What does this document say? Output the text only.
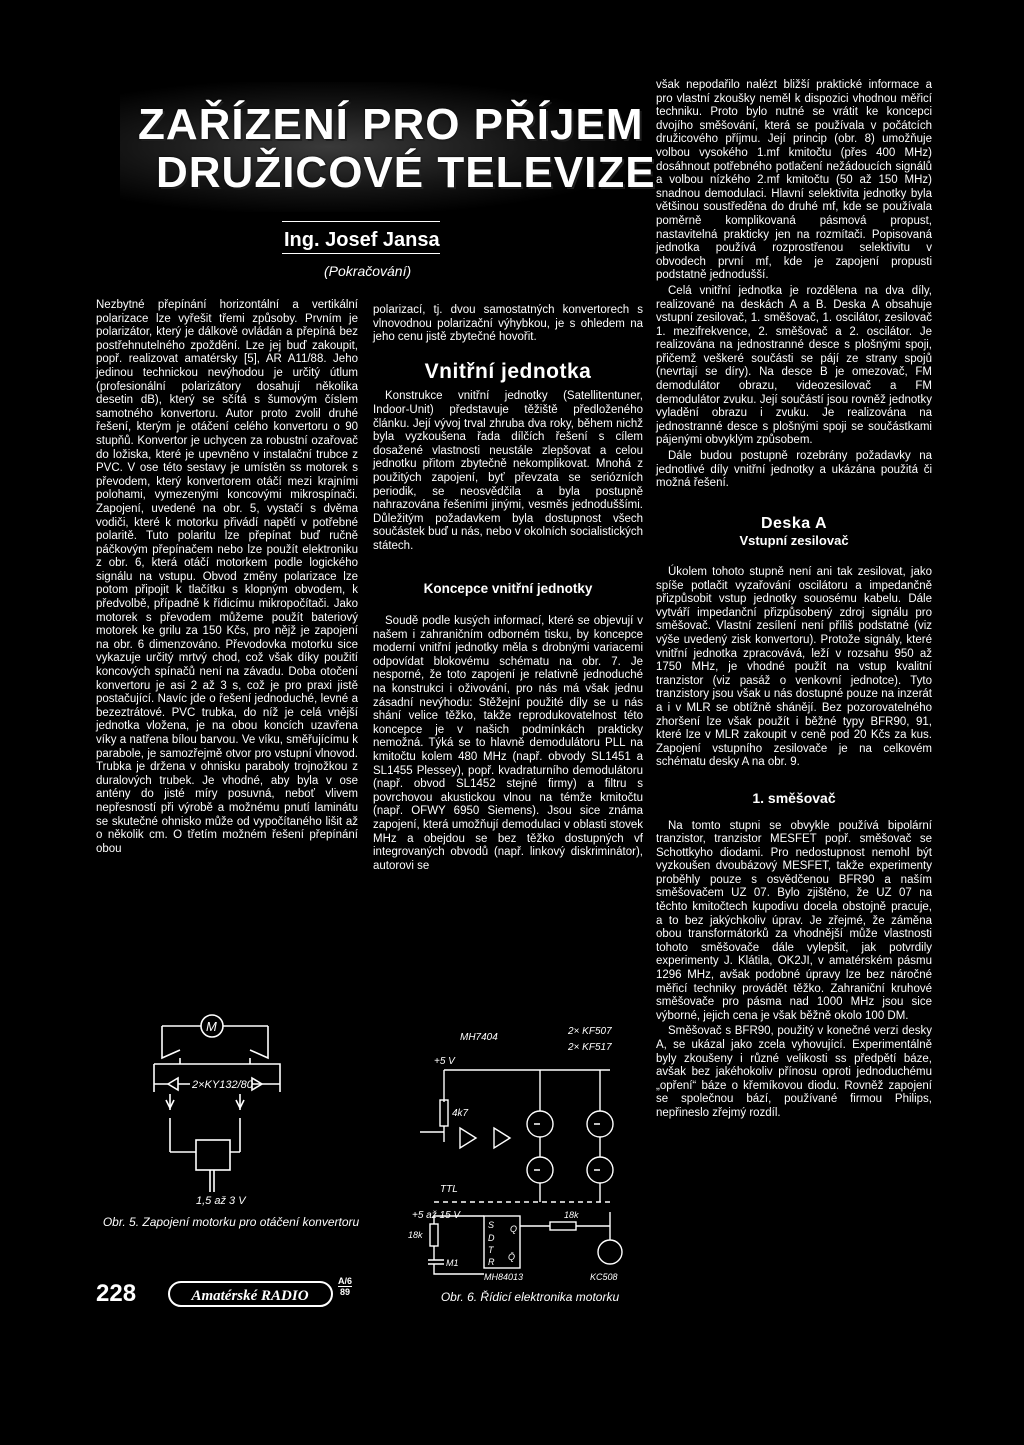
ZAŘÍZENÍ PRO PŘÍJEM
DRUŽICOVÉ TELEVIZE
Ing. Josef Jansa
(Pokračování)

Nezbytné přepínání horizontální a vertikální polarizace lze vyřešit třemi způsoby. Prvním je polarizátor, který je dálkově ovládán a přepíná bez postřehnutelného zpoždění. Lze jej buď zakoupit, popř. realizovat amatérsky [5], AR A11/88. Jeho jedinou technickou nevýhodou je určitý útlum (profesionální polarizátory dosahují několika desetin dB), který se sčítá s šumovým číslem samotného konvertoru. Autor proto zvolil druhé řešení, kterým je otáčení celého konvertoru o 90 stupňů. Konvertor je uchycen za robustní ozařovač do ložiska, které je upevněno v instalační trubce z PVC. V ose této sestavy je umístěn ss motorek s převodem, který konvertorem otáčí mezi krajními polohami, vymezenými koncovými mikrospínači. Zapojení, uvedené na obr. 5, vystačí s dvěma vodiči, které k motorku přivádí napětí v potřebné polaritě. Tuto polaritu lze přepínat buď ručně páčkovým přepínačem nebo lze použít elektroniku z obr. 6, která otáčí motorkem podle logického signálu na vstupu. Obvod změny polarizace lze potom připojit k tlačítku s klopným obvodem, k předvolbě, případně k řídicímu mikropočítači. Jako motorek s převodem můžeme použít bateriový motorek ke grilu za 150 Kčs, pro nějž je zapojení na obr. 6 dimenzováno. Převodovka motorku sice vykazuje určitý mrtvý chod, což však díky použití koncových spínačů není na závadu. Doba otočení konvertoru je asi 2 až 3 s, což je pro praxi jistě postačující. Navíc jde o řešení jednoduché, levné a bezeztrátové. PVC trubka, do níž je celá vnější jednotka vložena, je na obou koncích uzavřena víky a natřena bílou barvou. Ve víku, směřujícímu k parabole, je samozřejmě otvor pro vstupní vlnovod. Trubka je držena v ohnisku paraboly trojnožkou z duralových trubek. Je vhodné, aby byla v ose antény do jisté míry posuvná, neboť vlivem nepřesností při výrobě a možnému pnutí laminátu se skutečné ohnisko může od vypočítaného lišit až o několik cm. O třetím možném řešení přepínání obou

polarizací, tj. dvou samostatných konvertorech s vlnovodnou polarizační výhybkou, je s ohledem na jeho cenu jistě zbytečné hovořit.

Vnitřní jednotka

Konstrukce vnitřní jednotky (Satellitentuner, Indoor-Unit) představuje těžiště předloženého článku. Její vývoj trval zhruba dva roky, během nichž byla vyzkoušena řada dílčích řešení s cílem dosažené vlastnosti neustále zlepšovat a celou jednotku přitom zbytečně nekomplikovat. Mnohá z použitých zapojení, byť převzata se seriózních periodik, se neosvědčila a byla postupně nahrazována řešeními jinými, vesměs jednoduššími. Důležitým požadavkem byla dostupnost všech součástek buď u nás, nebo v okolních socialistických státech.

Koncepce vnitřní jednotky

Soudě podle kusých informací, které se objevují v našem i zahraničním odborném tisku, by koncepce moderní vnitřní jednotky měla s drobnými variacemi odpovídat blokovému schématu na obr. 7. Je nesporné, že toto zapojení je relativně jednoduché na konstrukci i oživování, pro nás má však jednu zásadní nevýhodu: Stěžejní použité díly se u nás shání velice těžko, takže reprodukovatelnost této koncepce je v našich podmínkách prakticky nemožná. Týká se to hlavně demodulátoru PLL na kmitočtu kolem 480 MHz (např. obvody SL1451 a SL1455 Plessey), popř. kvadraturního demodulátoru (např. obvod SL1452 stejné firmy) a filtru s povrchovou akustickou vlnou na témže kmitočtu (např. OFWY 6950 Siemens). Jsou sice známa zapojení, která umožňují demodulaci v oblasti stovek MHz a obejdou se bez těžko dostupných vf integrovaných obvodů (např. linkový diskriminátor), autorovi se

však nepodařilo nalézt bližší praktické informace a pro vlastní zkoušky neměl k dispozici vhodnou měřicí techniku. Proto bylo nutné se vrátit ke koncepci dvojího směšování, která se používala v počátcích družicového příjmu. Její princip (obr. 8) umožňuje volbou vysokého 1.mf kmitočtu (přes 400 MHz) dosáhnout potřebného potlačení nežádoucích signálů a volbou nízkého 2.mf kmitočtu (50 až 150 MHz) snadnou demodulaci. Hlavní selektivita jednotky byla většinou soustředěna do druhé mf, kde se používala poměrně komplikovaná pásmová propust, nastavitelná prakticky jen na rozmítači. Popisovaná jednotka používá rozprostřenou selektivitu v obvodech první mf, kde je zapojení propusti podstatně jednodušší.

Celá vnitřní jednotka je rozdělena na dva díly, realizované na deskách A a B. Deska A obsahuje vstupní zesilovač, 1. směšovač, 1. oscilátor, zesilovač 1. mezifrekvence, 2. směšovač a 2. oscilátor. Je realizována na jednostranné desce s plošnými spoji, přičemž veškeré součásti se pájí ze strany spojů (nevrtají se díry). Na desce B je omezovač, FM demodulátor obrazu, videozesilovač a FM demodulátor zvuku. Její součástí jsou rovněž jednotky vyladění obrazu i zvuku. Je realizována na jednostranné desce s plošnými spoji se součástkami pájenými obvyklým způsobem.

Dále budou postupně rozebrány požadavky na jednotlivé díly vnitřní jednotky a ukázána použitá či možná řešení.

Deska A
Vstupní zesilovač

Úkolem tohoto stupně není ani tak zesilovat, jako spíše potlačit vyzařování oscilátoru a impedančně přizpůsobit vstup jednotky souosému kabelu. Dále vytváří impedanční přizpůsobený zdroj signálu pro směšovač. Vlastní zesílení není příliš podstatné (viz výše uvedený zisk konvertoru). Protože signály, které vnitřní jednotka zpracovává, leží v rozsahu 950 až 1750 MHz, je vhodné použít na vstup kvalitní tranzistor (viz pasáž o venkovní jednotce). Tyto tranzistory jsou však u nás dostupné pouze na inzerát a i v MLR se obtížně shánějí. Bez pozorovatelného zhoršení lze však použít i běžné typy BFR90, 91, které lze v MLR zakoupit v ceně pod 20 Kčs za kus. Zapojení vstupního zesilovače je na celkovém schématu desky A na obr. 9.

1. směšovač

Na tomto stupni se obvykle používá bipolární tranzistor, tranzistor MESFET popř. směšovač se Schottkyho diodami. Pro nedostupnost nemohl být vyzkoušen dvoubázový MESFET, takže experimenty proběhly pouze s osvědčenou BFR90 a naším směšovačem UZ 07. Bylo zjištěno, že UZ 07 na těchto kmitočtech kupodivu docela obstojně pracuje, a to bez jakýchkoliv úprav. Je zřejmé, že záměna obou transformátorků za vhodnější může vlastnosti tohoto směšovače dále vylepšit, jak potvrdily experimenty J. Klátila, OK2JI, v amatérském pásmu 1296 MHz, avšak podobné úpravy lze bez náročné měřicí techniky provádět těžko. Zahraniční kruhové směšovače pro pásma nad 1000 MHz jsou sice výborné, jejich cena je však běžně okolo 100 DM.

Směšovač s BFR90, použitý v konečné verzi desky A, se ukázal jako zcela vyhovující. Experimentálně byly zkoušeny i různé velikosti ss předpětí báze, avšak bez jakéhokoliv přínosu oproti jednoduchému „opření“ báze o křemíkovou diodu. Rovněž zapojení se společnou bází, používané firmou Philips, nepřineslo zřejmý rozdíl.

M
2×KY132/80
1,5 až 3 V
Obr. 5. Zapojení motorku pro otáčení konvertoru
MH7404
2× KF507
2× KF517
+5 V
4k7
TTL
+5 až 15 V
S
D
T
R
Q
Q̄
18k
M1
18k
MH84013	KC508
Obr. 6. Řídicí elektronika motorku
228	Amatérské RADIO
A/6
89
